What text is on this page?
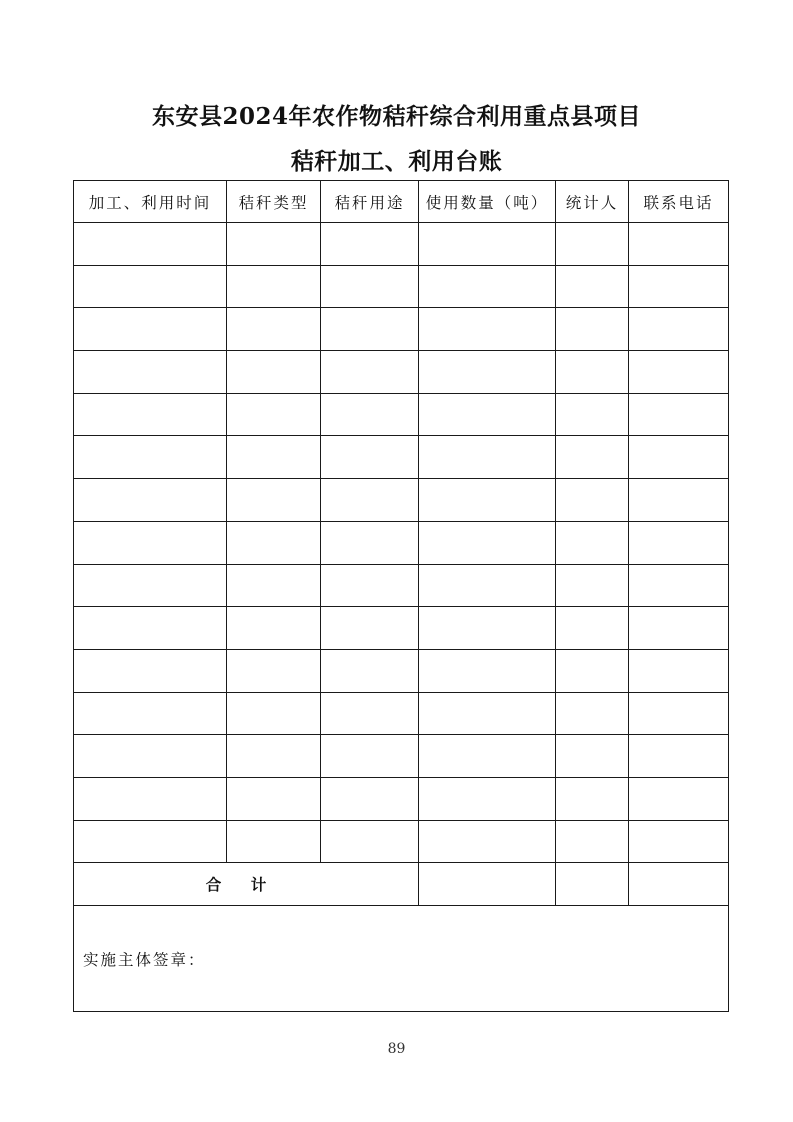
东安县2024年农作物秸秆综合利用重点县项目
秸秆加工、利用台账
加工、利用时间	秸秆类型	秸秆用途	使用数量（吨）	统计人	联系电话

合 计					
实施主体签章：					
89
